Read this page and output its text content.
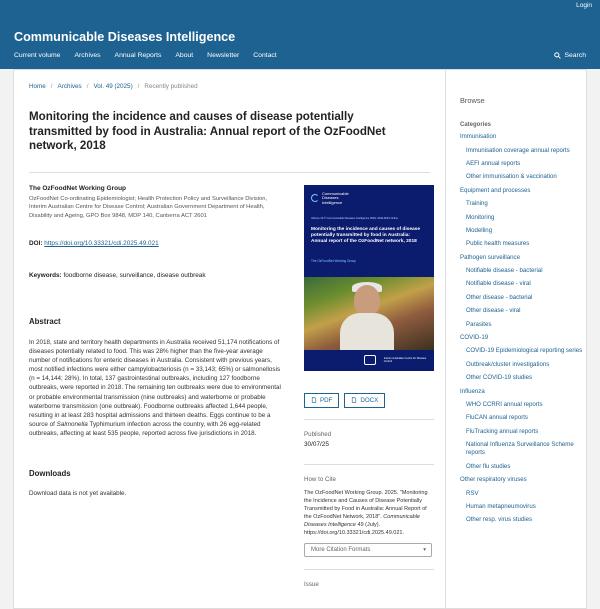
Login
Communicable Diseases Intelligence
Current volume Archives Annual Reports About Newsletter Contact	Search
Home / Archives / Vol. 49 (2025) / Recently published
Monitoring the incidence and causes of disease potentially transmitted by food in Australia: Annual report of the OzFoodNet network, 2018
The OzFoodNet Working Group
OzFoodNet Co-ordinating Epidemiologist; Health Protection Policy and Surveillance Division, Interim Australian Centre for Disease Control; Australian Government Department of Health, Disability and Ageing, GPO Box 9848, MDP 140, Canberra ACT 2601
DOI: https://doi.org/10.33321/cdi.2025.49.021
Keywords: foodborne disease, surveillance, disease outbreak
Abstract
In 2018, state and territory health departments in Australia received 51,174 notifications of diseases potentially related to food. This was 28% higher than the five-year average number of notifications for enteric diseases in Australia. Consistent with previous years, most notified infections were either campylobacteriosis (n = 33,143; 65%) or salmonellosis (n = 14,144; 28%). In total, 137 gastrointestinal outbreaks, including 127 foodborne outbreaks, were reported in 2018. The remaining ten outbreaks were due to environmental or probable environmental transmission (nine outbreaks) and waterborne or probable waterborne transmission (one outbreak). Foodborne outbreaks affected 1,644 people, resulting in at least 283 hospital admissions and thirteen deaths. Eggs continue to be a source of Salmonella Typhimurium infection across the country, with 26 egg-related outbreaks, affecting at least 535 people, reported across five jurisdictions in 2018.
Downloads
Download data is not yet available.
Communicable
Diseases
Intelligence
Volume 49 © Communicable Diseases Intelligence ISSN: 2209-6051 Online
Monitoring the incidence and causes of disease potentially transmitted by food in Australia: Annual report of the OzFoodNet network, 2018
The OzFoodNet Working Group
Interim Australian Centre for Disease Control
PDF	DOCX
Published
30/07/25
How to Cite
The OzFoodNet Working Group. 2025. "Monitoring the Incidence and Causes of Disease Potentially Transmitted by Food in Australia: Annual Report of the OzFoodNet Network, 2018". Communicable Diseases Intelligence 49 (July). https://doi.org/10.33321/cdi.2025.49.021.
More Citation Formats	▾
Issue
Browse
Categories
Immunisation
Immunisation coverage annual reports
AEFI annual reports
Other immunisation & vaccination
Equipment and processes
Training
Monitoring
Modelling
Public health measures
Pathogen surveillance
Notifiable disease - bacterial
Notifiable disease - viral
Other disease - bacterial
Other disease - viral
Parasites
COVID-19
COVID-19 Epidemiological reporting series
Outbreak/cluster investigations
Other COVID-19 studies
Influenza
WHO CCRRI annual reports
FluCAN annual reports
FluTracking annual reports
National Influenza Surveillance Scheme reports
Other flu studies
Other respiratory viruses
RSV
Human metapneumovirus
Other resp. virus studies
